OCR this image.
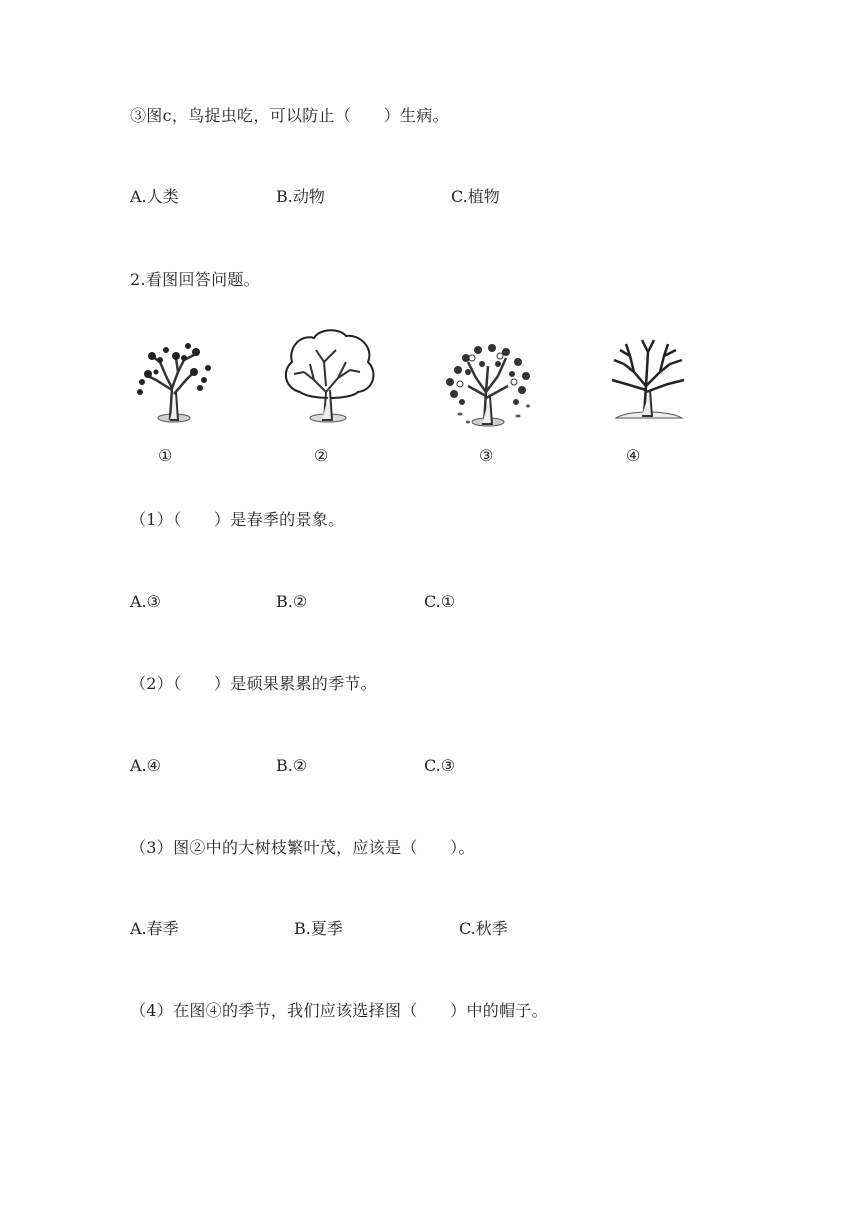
③图c，鸟捉虫吃，可以防止（　　）生病。
A.人类	B.动物	C.植物
2.看图回答问题。
①	②	③	④
（1）（　　）是春季的景象。
A.③	B.②	C.①
（2）（　　）是硕果累累的季节。
A.④	B.②	C.③
（3）图②中的大树枝繁叶茂，应该是（　　）。
A.春季	B.夏季	C.秋季
（4）在图④的季节，我们应该选择图（　　）中的帽子。
